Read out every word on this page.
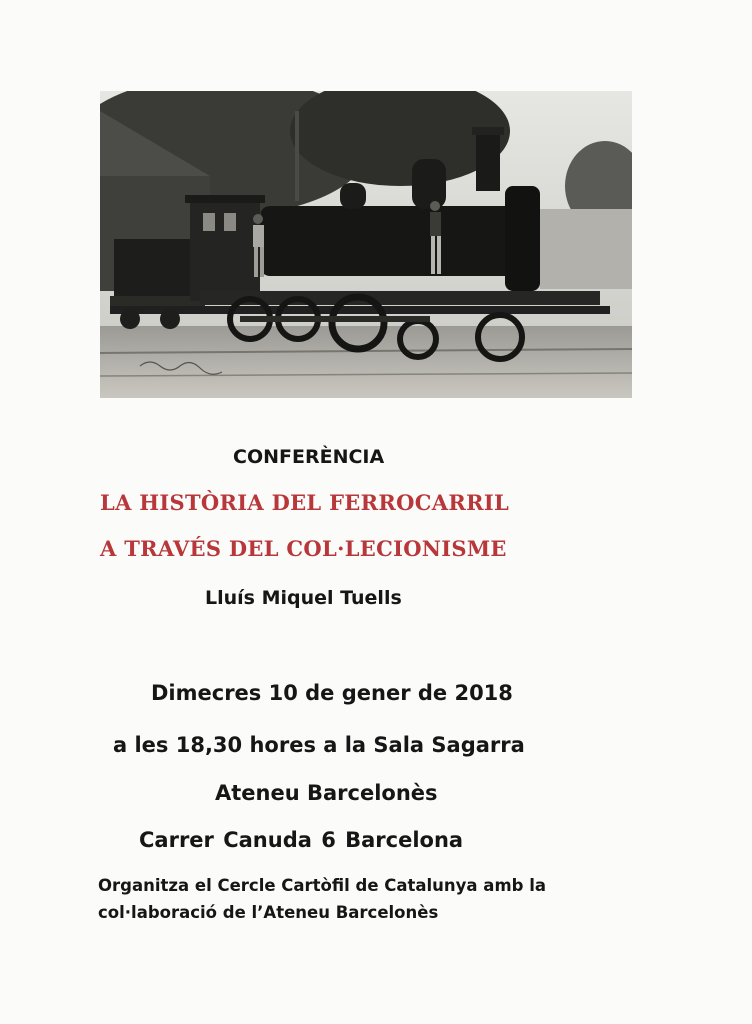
CONFERÈNCIA
LA HISTÒRIA DEL FERROCARRIL
A TRAVÉS DEL COL·LECIONISME
Lluís Miquel Tuells
Dimecres 10 de gener de 2018
a les 18,30 hores a la Sala Sagarra
Ateneu Barcelonès
Carrer Canuda 6 Barcelona
Organitza el Cercle Cartòfil de Catalunya amb la
col·laboració de l’Ateneu Barcelonès
